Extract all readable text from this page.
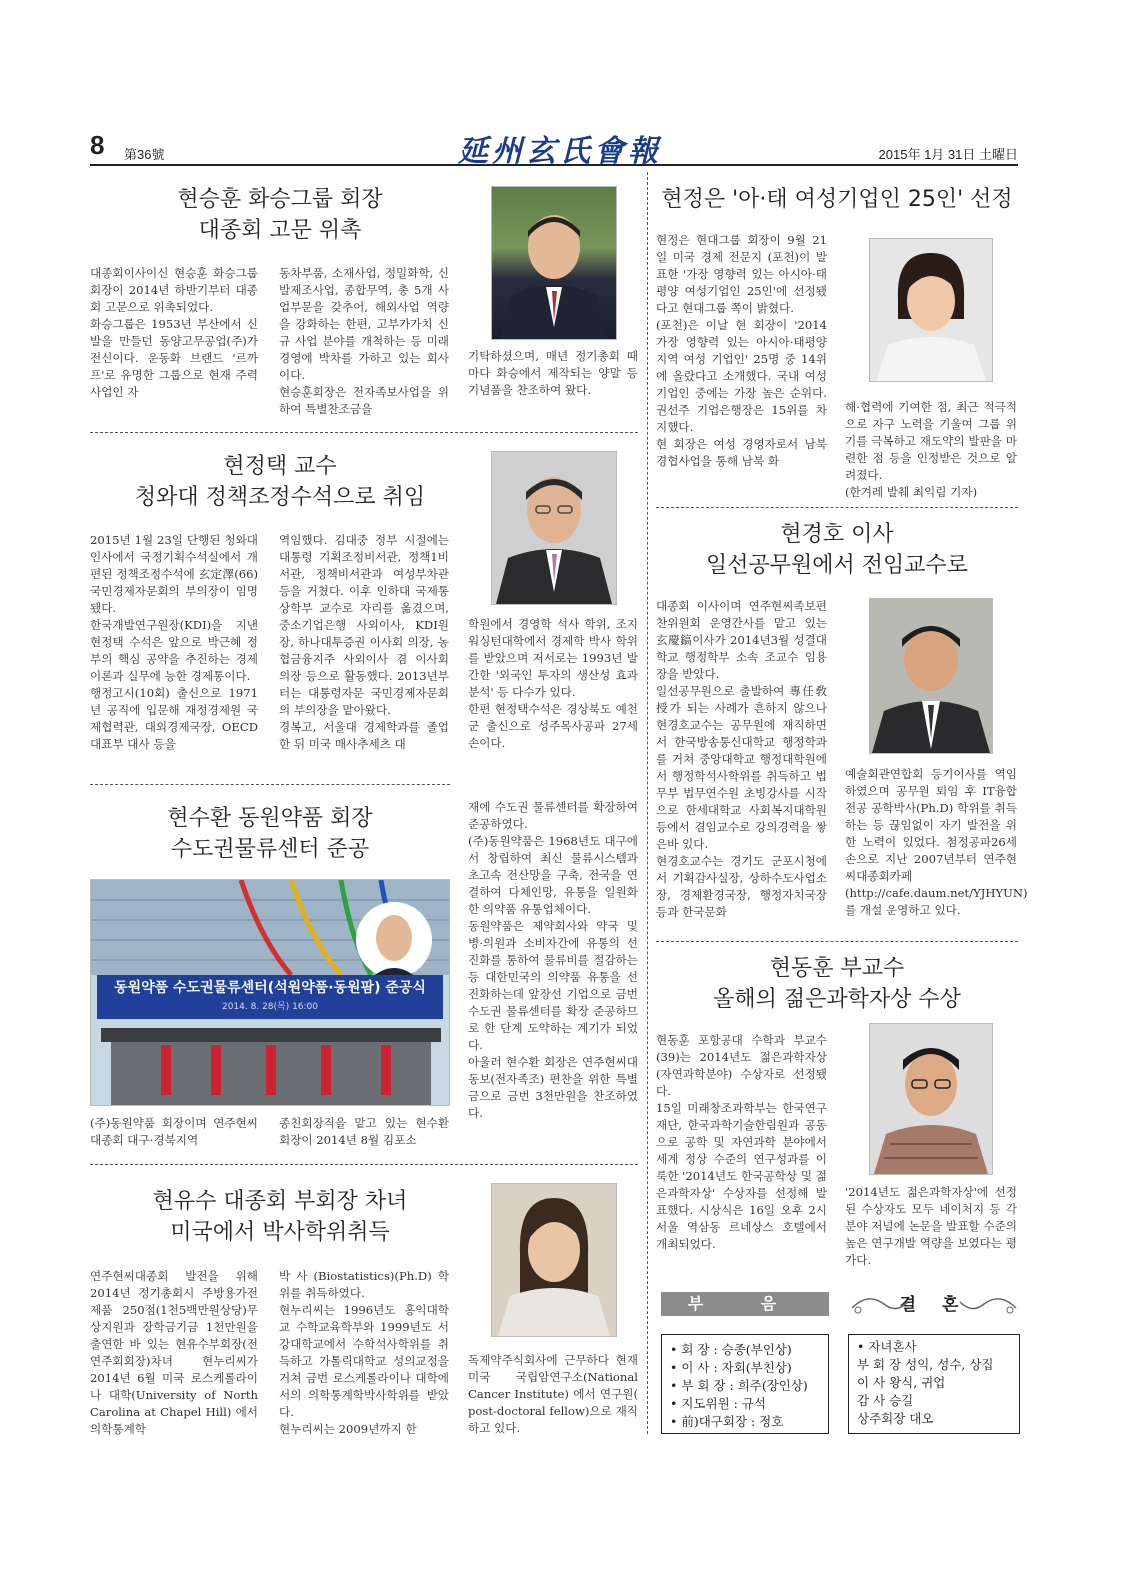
8 第36號	延州玄氏會報	2015年 1月 31日 土曜日
현승훈 화승그룹 회장
대종회 고문 위촉
대종회이사이신 현승훈 화승그룹 회장이 2014년 하반기부터 대종회 고문으로 위촉되었다.
화승그룹은 1953년 부산에서 신발을 만들던 동양고무공업(주)가 전신이다. 운동화 브랜드 '르까프'로 유명한 그룹으로 현재 주력 사업인 자
동차부품, 소재사업, 정밀화학, 신발제조사업, 종합무역, 총 5개 사업부문을 갖추어, 해외사업 역량을 강화하는 한편, 고부가가치 신규 사업 분야를 개척하는 등 미래경영에 박차를 가하고 있는 회사이다.
현승훈회장은 전자족보사업을 위하여 특별찬조금을
기탁하셨으며, 매년 정기총회 때마다 화승에서 제작되는 양말 등 기념품을 찬조하여 왔다.
현정택 교수
청와대 정책조정수석으로 취임
2015년 1월 23일 단행된 청와대 인사에서 국정기획수석실에서 개편된 정책조정수석에 玄定澤(66) 국민경제자문회의 부의장이 임명됐다.
한국개발연구원장(KDI)을 지낸 현정택 수석은 앞으로 박근혜 정부의 핵심 공약을 추진하는 경제이론과 실무에 능한 경제통이다.
행정고시(10회) 출신으로 1971년 공직에 입문해 재정경제원 국제협력관, 대외경제국장, OECD 대표부 대사 등을
역임했다. 김대중 정부 시절에는 대통령 기획조정비서관, 정책1비서관, 정책비서관과 여성부차관 등을 거쳤다. 이후 인하대 국제통상학부 교수로 자리를 옮겼으며, 중소기업은행 사외이사, KDI원장, 하나대투증권 이사회 의장, 농협금융지주 사외이사 겸 이사회 의장 등으로 활동했다. 2013년부터는 대통령자문 국민경제자문회의 부의장을 맡아왔다.
경복고, 서울대 경제학과를 졸업한 뒤 미국 매사추세츠 대
학원에서 경영학 석사 학위, 조지워싱턴대학에서 경제학 박사 학위를 받았으며 저서로는 1993년 발간한 '외국인 투자의 생산성 효과분석' 등 다수가 있다.
한편 현정택수석은 경상북도 예천군 출신으로 성주목사공파 27세손이다.
현수환 동원약품 회장
수도권물류센터 준공
동원약품 수도권물류센터(석원약품·동원팜) 준공식
2014. 8. 28(목) 16:00
(주)동원약품 회장이며 연주현씨대종회 대구·경북지역
종친회장직을 맡고 있는 현수환 회장이 2014년 8월 김포소
재에 수도권 물류센터를 확장하여 준공하였다.
(주)동원약품은 1968년도 대구에서 창립하여 최신 물류시스템과 초고속 전산망을 구축, 전국을 연결하여 다체인망, 유통을 일원화한 의약품 유통업체이다.
동원약품은 제약회사와 약국 및 병·의원과 소비자간에 유통의 선진화를 통하여 물류비를 절감하는 등 대한민국의 의약품 유통을 선진화하는데 앞장선 기업으로 금번 수도권 물류센터를 확장 준공하므로 한 단계 도약하는 계기가 되었다.
아울러 현수환 회장은 연주현씨대동보(전자족조) 편찬을 위한 특별금으로 금번 3천만원을 찬조하였다.
현유수 대종회 부회장 차녀
미국에서 박사학위취득
연주현씨대종회 발전을 위해 2014년 정기총회시 주방용가전제품 250점(1천5백만원상당)무상지원과 장학금기금 1천만원을 출연한 바 있는 현유수부회장(전 연주회회장)차녀 현누리씨가 2014년 6월 미국 로스케롤라이나 대학(University of North Carolina at Chapel Hill) 에서 의학통계학
박 사 (Biostatistics)(Ph.D) 학위를 취득하였다.
현누리씨는 1996년도 홍익대학교 수학교육학부와 1999년도 서강대학교에서 수학석사학위를 취득하고 가톨릭대학교 성의교정을 거쳐 금번 로스케롤라이나 대학에서의 의학통계학박사학위를 받았다.
현누리씨는 2009년까지 한
독제약주식회사에 근무하다 현재 미국 국립암연구소(National Cancer Institute) 에서 연구원( post-doctoral fellow)으로 재직하고 있다.
현정은 '아·태 여성기업인 25인' 선정
현정은 현대그룹 회장이 9월 21일 미국 경제 전문지 (포천)이 발표한 '가장 영향력 있는 아시아·태평양 여성기업인 25인'에 선정됐다고 현대그룹 쪽이 밝혔다.
(포천)은 이날 현 회장이 '2014 가장 영향력 있는 아시아·태평양 지역 여성 기업인' 25명 중 14위에 올랐다고 소개했다. 국내 여성 기업인 중에는 가장 높은 순위다. 권선주 기업은행장은 15위를 차지했다.
현 회장은 여성 경영자로서 남북경협사업을 통해 남북 화
해·협력에 기여한 점, 최근 적극적으로 자구 노력을 기울여 그룹 위기를 극복하고 재도약의 발판을 마련한 점 등을 인정받은 것으로 알려졌다.
(한겨레 발췌 최익림 기자)
현경호 이사
일선공무원에서 전임교수로
대종회 이사이며 연주현씨족보편찬위원회 운영간사를 맡고 있는 玄慶鎬이사가 2014년3월 성결대학교 행정학부 소속 조교수 임용장을 받았다.
일선공무원으로 출발하여 專任敎授가 되는 사례가 흔하지 않으나 현경호교수는 공무원에 재직하면서 한국방송통신대학교 행정학과를 거쳐 중앙대학교 행정대학원에서 행정학석사학위를 취득하고 법무부 법무연수원 초빙강사를 시작으로 한세대학교 사회복지대학원 등에서 겸임교수로 강의경력을 쌓은바 있다.
현경호교수는 경기도 군포시청에서 기획감사실장, 상하수도사업소장, 경제환경국장, 행정자치국장 등과 한국문화
예술회관연합회 등기이사를 역임하였으며 공무원 퇴임 후 IT융합전공 공학박사(Ph.D) 학위를 취득하는 등 끊임없이 자기 발전을 위한 노력이 있었다. 첨정공파26세손으로 지난 2007년부터 연주현씨대종회카페 (http://cafe.daum.net/YJHYUN)를 개설 운영하고 있다.
현동훈 부교수
올해의 젊은과학자상 수상
현동훈 포항공대 수학과 부교수(39)는 2014년도 젊은과학자상(자연과학분야) 수상자로 선정됐다.
15일 미래창조과학부는 한국연구재단, 한국과학기술한림원과 공동으로 공학 및 자연과학 분야에서 세계 정상 수준의 연구성과를 이룩한 '2014년도 한국공학상 및 젊은과학자상' 수상자를 선정해 발표했다. 시상식은 16일 오후 2시 서울 역삼동 르네상스 호텔에서 개최되었다.
'2014년도 젊은과학자상'에 선정된 수상자도 모두 네이처지 등 각 분야 저널에 논문을 발표할 수준의 높은 연구개발 역량을 보였다는 평가다.
부 음
• 회 장 : 승종(부인상)
• 이 사 : 자회(부친상)
• 부 회 장 : 희주(장인상)
• 지도위원 : 규석
• 前)대구회장 : 정호
결 혼
• 자녀혼사
부 회 장 성익, 성수, 상집
이 사 왕식, 귀업
감 사 승길
상주회장 대오
